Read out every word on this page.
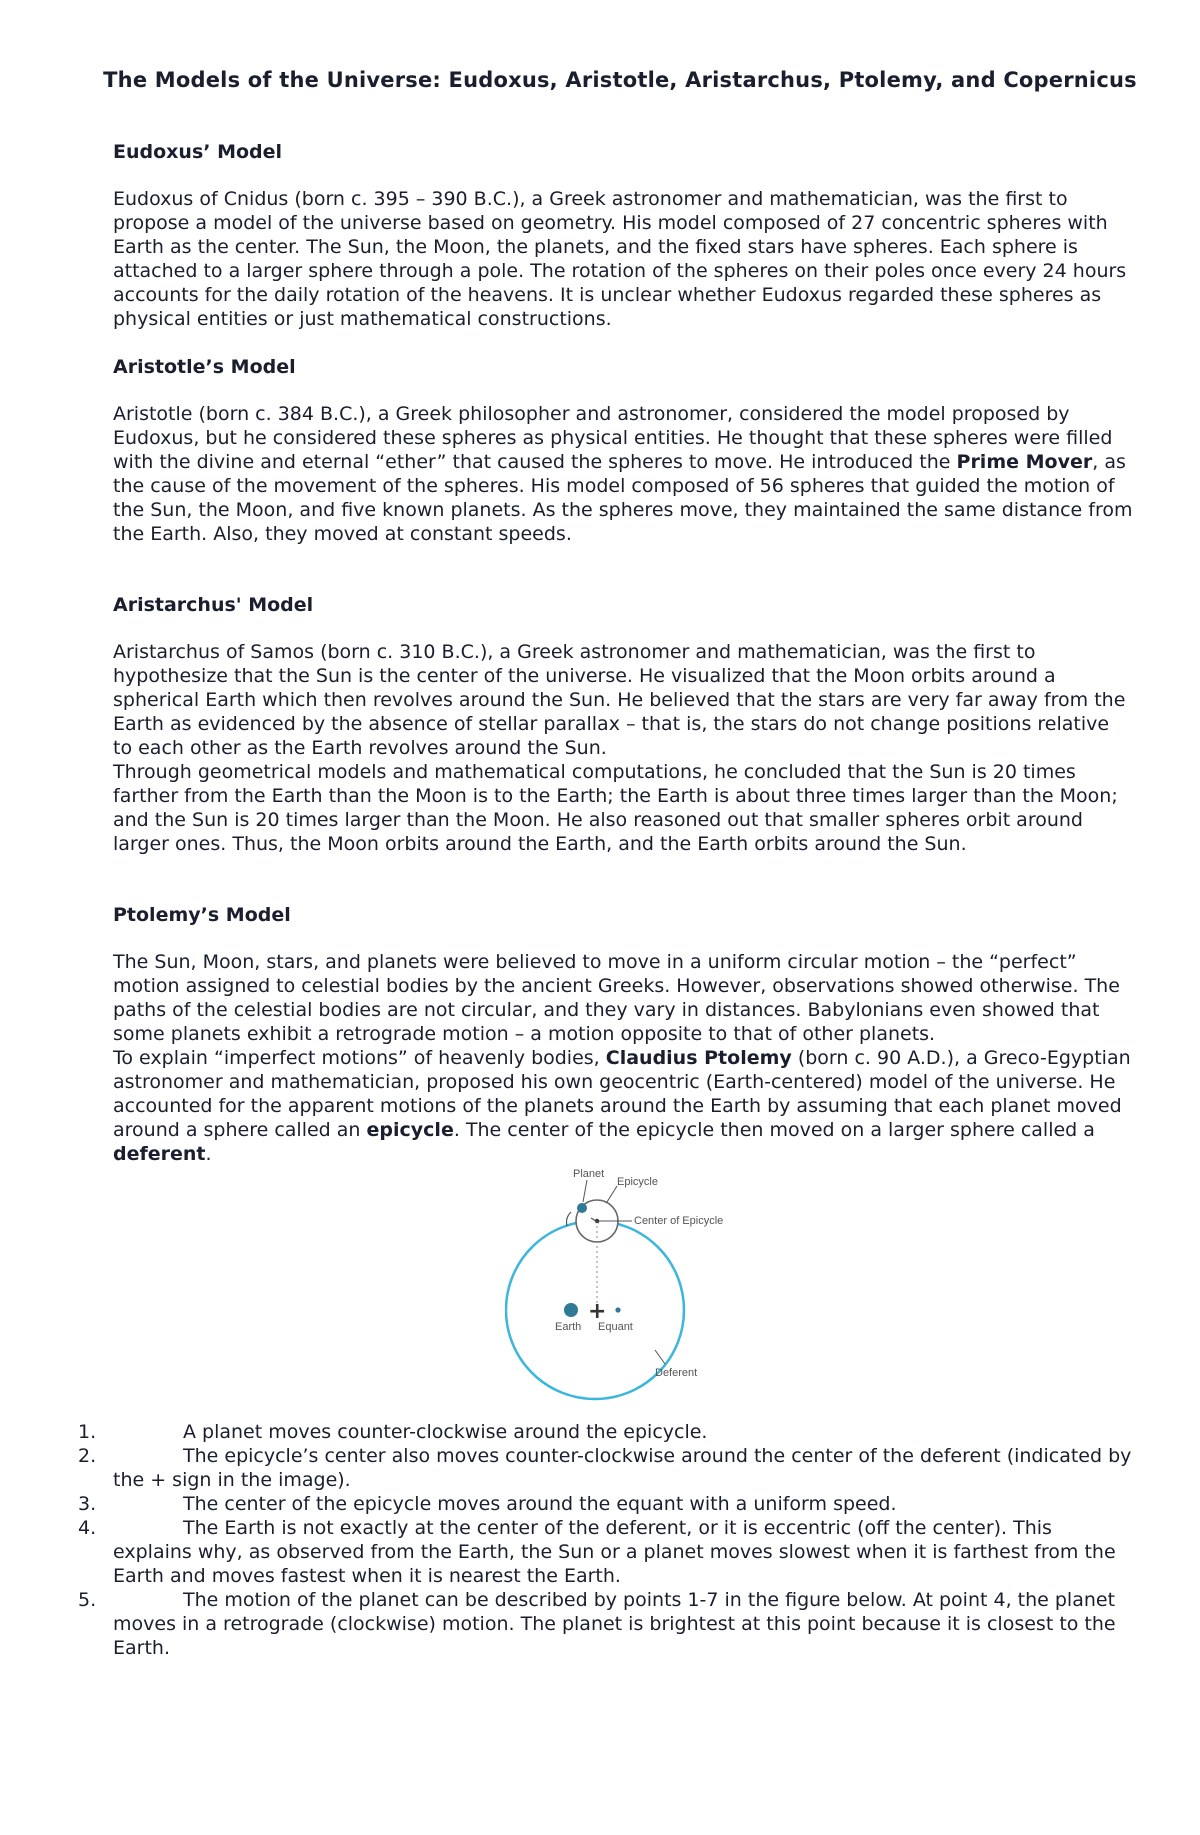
The Models of the Universe: Eudoxus, Aristotle, Aristarchus, Ptolemy, and Copernicus
Eudoxus’ Model

Eudoxus of Cnidus (born c. 395 – 390 B.C.), a Greek astronomer and mathematician, was the first to propose a model of the universe based on geometry. His model composed of 27 concentric spheres with Earth as the center. The Sun, the Moon, the planets, and the fixed stars have spheres. Each sphere is attached to a larger sphere through a pole. The rotation of the spheres on their poles once every 24 hours accounts for the daily rotation of the heavens. It is unclear whether Eudoxus regarded these spheres as physical entities or just mathematical constructions.

Aristotle’s Model

Aristotle (born c. 384 B.C.), a Greek philosopher and astronomer, considered the model proposed by Eudoxus, but he considered these spheres as physical entities. He thought that these spheres were filled with the divine and eternal “ether” that caused the spheres to move. He introduced the Prime Mover, as the cause of the movement of the spheres. His model composed of 56 spheres that guided the motion of the Sun, the Moon, and five known planets. As the spheres move, they maintained the same distance from the Earth. Also, they moved at constant speeds.

Aristarchus' Model

Aristarchus of Samos (born c. 310 B.C.), a Greek astronomer and mathematician, was the first to hypothesize that the Sun is the center of the universe. He visualized that the Moon orbits around a spherical Earth which then revolves around the Sun. He believed that the stars are very far away from the Earth as evidenced by the absence of stellar parallax – that is, the stars do not change positions relative to each other as the Earth revolves around the Sun.

Through geometrical models and mathematical computations, he concluded that the Sun is 20 times farther from the Earth than the Moon is to the Earth; the Earth is about three times larger than the Moon; and the Sun is 20 times larger than the Moon. He also reasoned out that smaller spheres orbit around larger ones. Thus, the Moon orbits around the Earth, and the Earth orbits around the Sun.

Ptolemy’s Model

The Sun, Moon, stars, and planets were believed to move in a uniform circular motion – the “perfect” motion assigned to celestial bodies by the ancient Greeks. However, observations showed otherwise. The paths of the celestial bodies are not circular, and they vary in distances. Babylonians even showed that some planets exhibit a retrograde motion – a motion opposite to that of other planets.

To explain “imperfect motions” of heavenly bodies, Claudius Ptolemy (born c. 90 A.D.), a Greco-Egyptian astronomer and mathematician, proposed his own geocentric (Earth-centered) model of the universe. He accounted for the apparent motions of the planets around the Earth by assuming that each planet moved around a sphere called an epicycle. The center of the epicycle then moved on a larger sphere called a deferent.

+
Planet
Epicycle
Center of Epicycle
Earth Equant
Deferent
1.	A planet moves counter-clockwise around the epicycle.
2.	The epicycle’s center also moves counter-clockwise around the center of the deferent (indicated by the + sign in the image).
3.	The center of the epicycle moves around the equant with a uniform speed.
4.	The Earth is not exactly at the center of the deferent, or it is eccentric (off the center). This explains why, as observed from the Earth, the Sun or a planet moves slowest when it is farthest from the Earth and moves fastest when it is nearest the Earth.
5.	The motion of the planet can be described by points 1-7 in the figure below. At point 4, the planet moves in a retrograde (clockwise) motion. The planet is brightest at this point because it is closest to the Earth.
